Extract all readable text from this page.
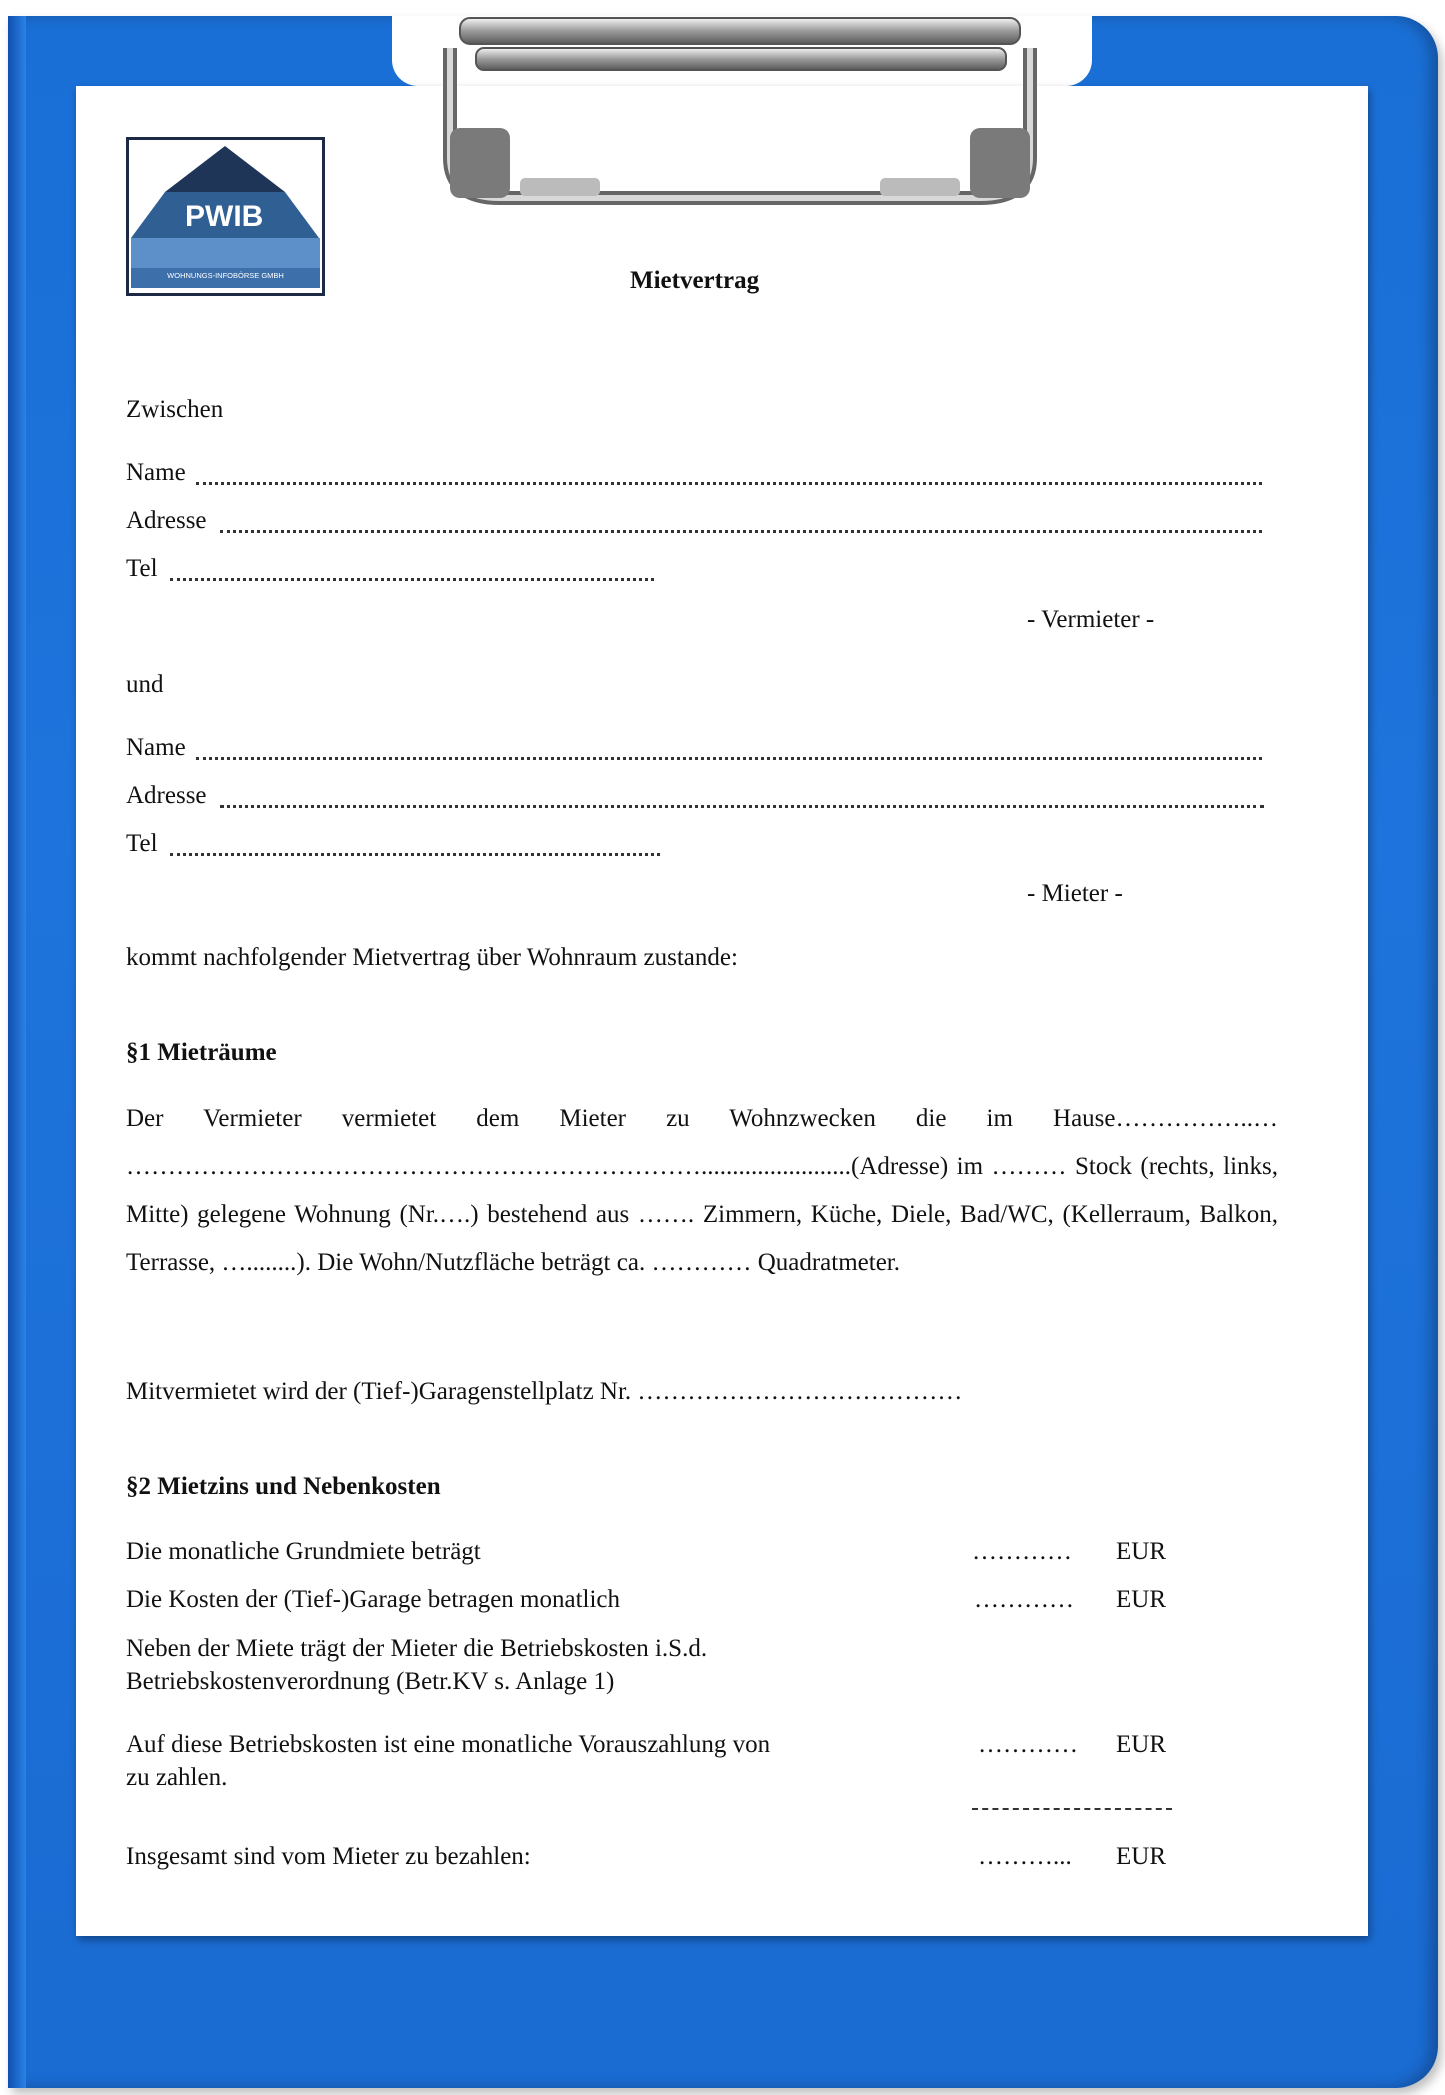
PWIB
WOHNUNGS-INFOBÖRSE GMBH	Mietvertrag
Zwischen
Name
Adresse
Tel
- Vermieter -
und
Name
Adresse
Tel
- Mieter -
kommt nachfolgender Mietvertrag über Wohnraum zustande:
§1 Mieträume
Der Vermieter vermietet dem Mieter zu Wohnzwecken die im Hause……………..… ……………………………………………………………........................(Adresse) im ……… Stock (rechts, links, Mitte) gelegene Wohnung (Nr.….) bestehend aus ……. Zimmern, Küche, Diele, Bad/WC, (Kellerraum, Balkon, Terrasse, …........). Die Wohn/Nutzfläche beträgt ca. ………… Quadratmeter.
Mitvermietet wird der (Tief-)Garagenstellplatz Nr. …………………………………
§2 Mietzins und Nebenkosten
Die monatliche Grundmiete beträgt	………… EUR
Die Kosten der (Tief-)Garage betragen monatlich	………… EUR
Neben der Miete trägt der Mieter die Betriebskosten i.S.d.
Betriebskostenverordnung (Betr.KV s. Anlage 1)
Auf diese Betriebskosten ist eine monatliche Vorauszahlung von
zu zahlen.
………… EUR
Insgesamt sind vom Mieter zu bezahlen:	………... EUR
